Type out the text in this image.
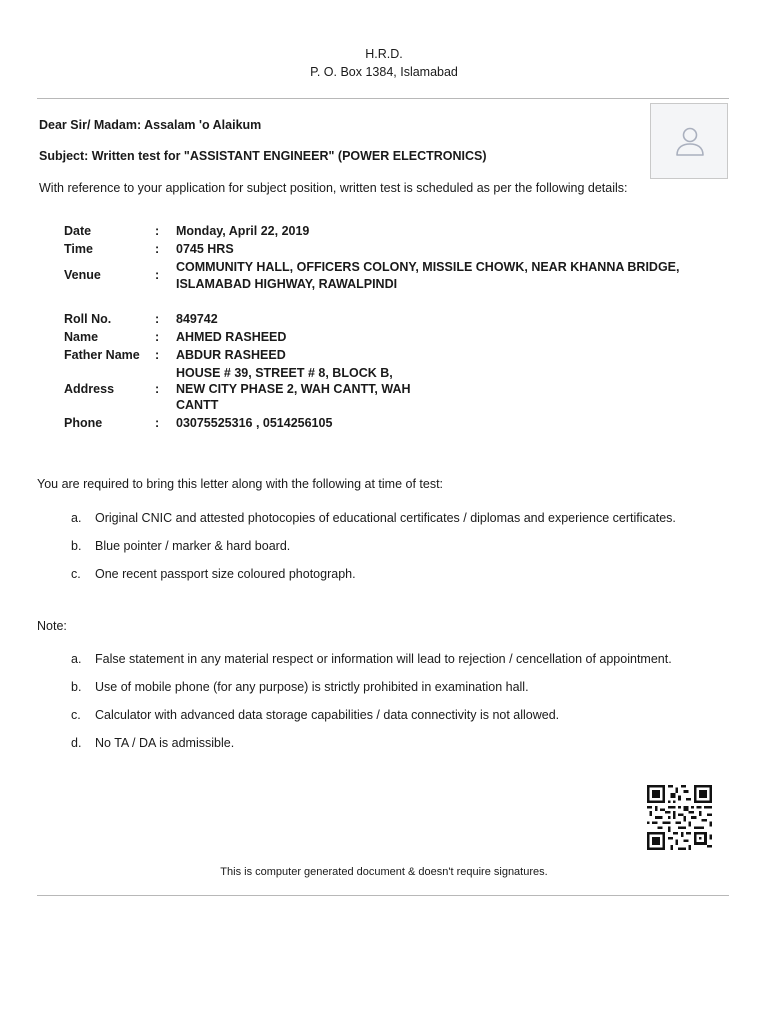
H.R.D.
P. O. Box 1384, Islamabad
Dear Sir/ Madam: Assalam 'o Alaikum
Subject: Written test for "ASSISTANT ENGINEER" (POWER ELECTRONICS)
With reference to your application for subject position, written test is scheduled as per the following details:
Date	: Monday, April 22, 2019
Time	: 0745 HRS
Venue	:
COMMUNITY HALL, OFFICERS COLONY, MISSILE CHOWK, NEAR KHANNA BRIDGE,
ISLAMABAD HIGHWAY, RAWALPINDI
Roll No.	: 849742
Name	: AHMED RASHEED
Father Name : ABDUR RASHEED
Address	:
HOUSE # 39, STREET # 8, BLOCK B,
NEW CITY PHASE 2, WAH CANTT, WAH
CANTT
Phone	: 03075525316 , 0514256105
You are required to bring this letter along with the following at time of test:
a. Original CNIC and attested photocopies of educational certificates / diplomas and experience certificates.
b. Blue pointer / marker & hard board.
c. One recent passport size coloured photograph.
Note:
a. False statement in any material respect or information will lead to rejection / cencellation of appointment.
b. Use of mobile phone (for any purpose) is strictly prohibited in examination hall.
c. Calculator with advanced data storage capabilities / data connectivity is not allowed.
d. No TA / DA is admissible.
This is computer generated document & doesn't require signatures.
